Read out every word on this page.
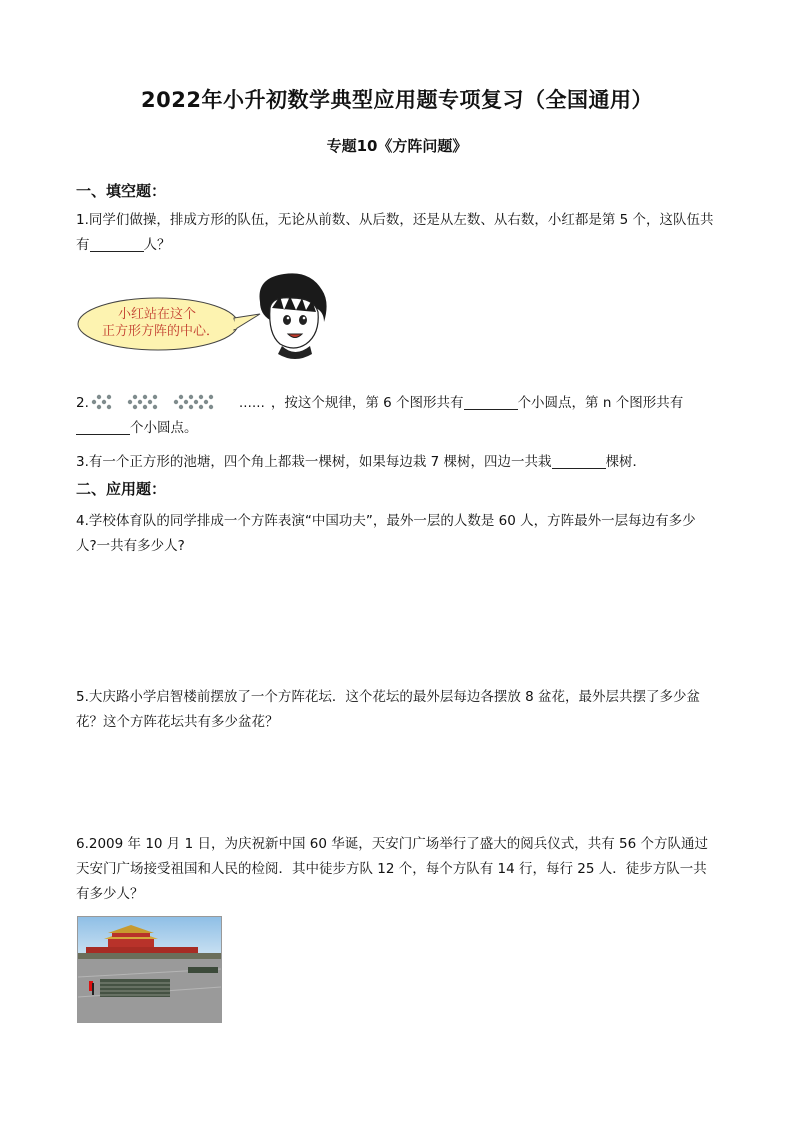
2022年小升初数学典型应用题专项复习（全国通用）
专题10《方阵问题》
一、填空题：
1.同学们做操，排成方形的队伍，无论从前数、从后数，还是从左数、从右数，小红都是第 5 个，这队伍共有	人？
小红站在这个
正方形方阵的中心．
2.	…… ，按这个规律，第 6 个图形共有	个小圆点，第 n 个图形共有
个小圆点。
3.有一个正方形的池塘，四个角上都栽一棵树，如果每边栽 7 棵树，四边一共栽	棵树．
二、应用题：
4.学校体育队的同学排成一个方阵表演“中国功夫”，最外一层的人数是 60 人，方阵最外一层每边有多少人?一共有多少人?
5.大庆路小学启智楼前摆放了一个方阵花坛．这个花坛的最外层每边各摆放 8 盆花，最外层共摆了多少盆花？这个方阵花坛共有多少盆花？
6.2009 年 10 月 1 日，为庆祝新中国 60 华诞，天安门广场举行了盛大的阅兵仪式，共有 56 个方队通过天安门广场接受祖国和人民的检阅．其中徒步方队 12 个，每个方队有 14 行，每行 25 人．徒步方队一共有多少人？
